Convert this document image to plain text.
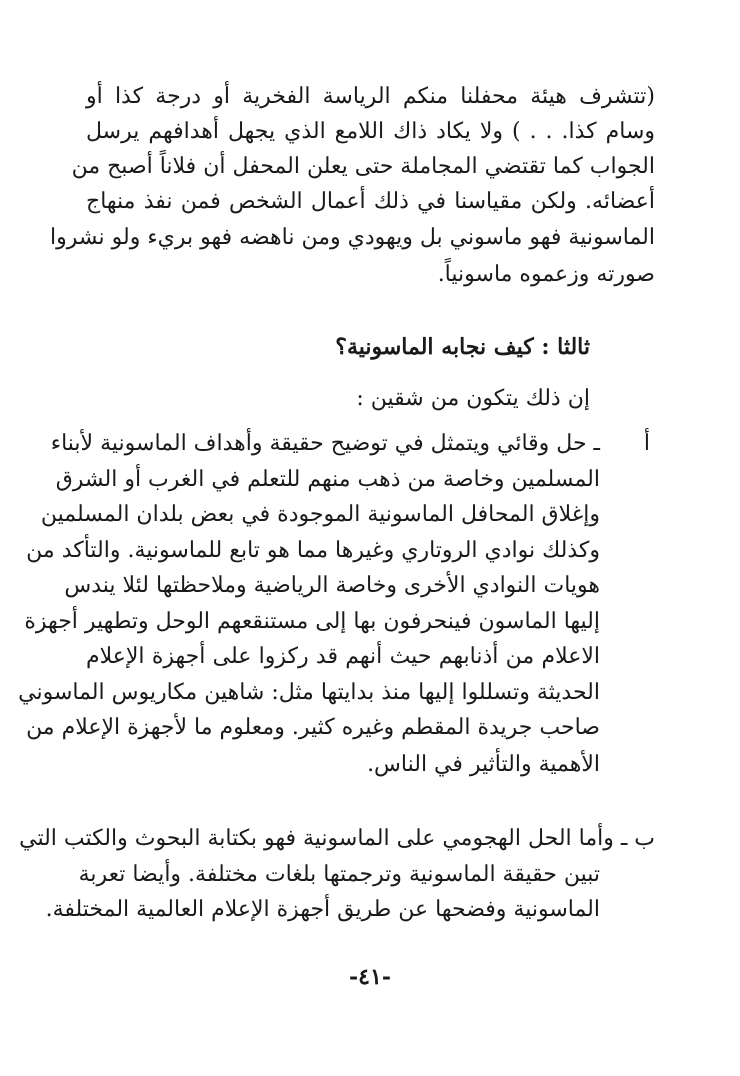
(تتشرف هيئة محفلنا منكم الرياسة الفخرية أو درجة كذا أو
وسام كذا. . . ) ولا يكاد ذاك اللامع الذي يجهل أهدافهم يرسل
الجواب كما تقتضي المجاملة حتى يعلن المحفل أن فلاناً أصبح من
أعضائه. ولكن مقياسنا في ذلك أعمال الشخص فمن نفذ منهاج
الماسونية فهو ماسوني بل ويهودي ومن ناهضه فهو بريء ولو نشروا
صورته وزعموه ماسونياً.
ثالثا : كيف نجابه الماسونية؟
إن ذلك يتكون من شقين :
أ
ـ حل وقائي ويتمثل في توضيح حقيقة وأهداف الماسونية لأبناء
المسلمين وخاصة من ذهب منهم للتعلم في الغرب أو الشرق
وإغلاق المحافل الماسونية الموجودة في بعض بلدان المسلمين
وكذلك نوادي الروتاري وغيرها مما هو تابع للماسونية. والتأكد من
هويات النوادي الأخرى وخاصة الرياضية وملاحظتها لئلا يندس
إليها الماسون فينحرفون بها إلى مستنقعهم الوحل وتطهير أجهزة
الاعلام من أذنابهم حيث أنهم قد ركزوا على أجهزة الإعلام
الحديثة وتسللوا إليها منذ بدايتها مثل: شاهين مكاريوس الماسوني
صاحب جريدة المقطم وغيره كثير. ومعلوم ما لأجهزة الإعلام من
الأهمية والتأثير في الناس.
ب ـ وأما الحل الهجومي على الماسونية فهو بكتابة البحوث والكتب التي
تبين حقيقة الماسونية وترجمتها بلغات مختلفة. وأيضا تعربة
الماسونية وفضحها عن طريق أجهزة الإعلام العالمية المختلفة.
-٤١-
